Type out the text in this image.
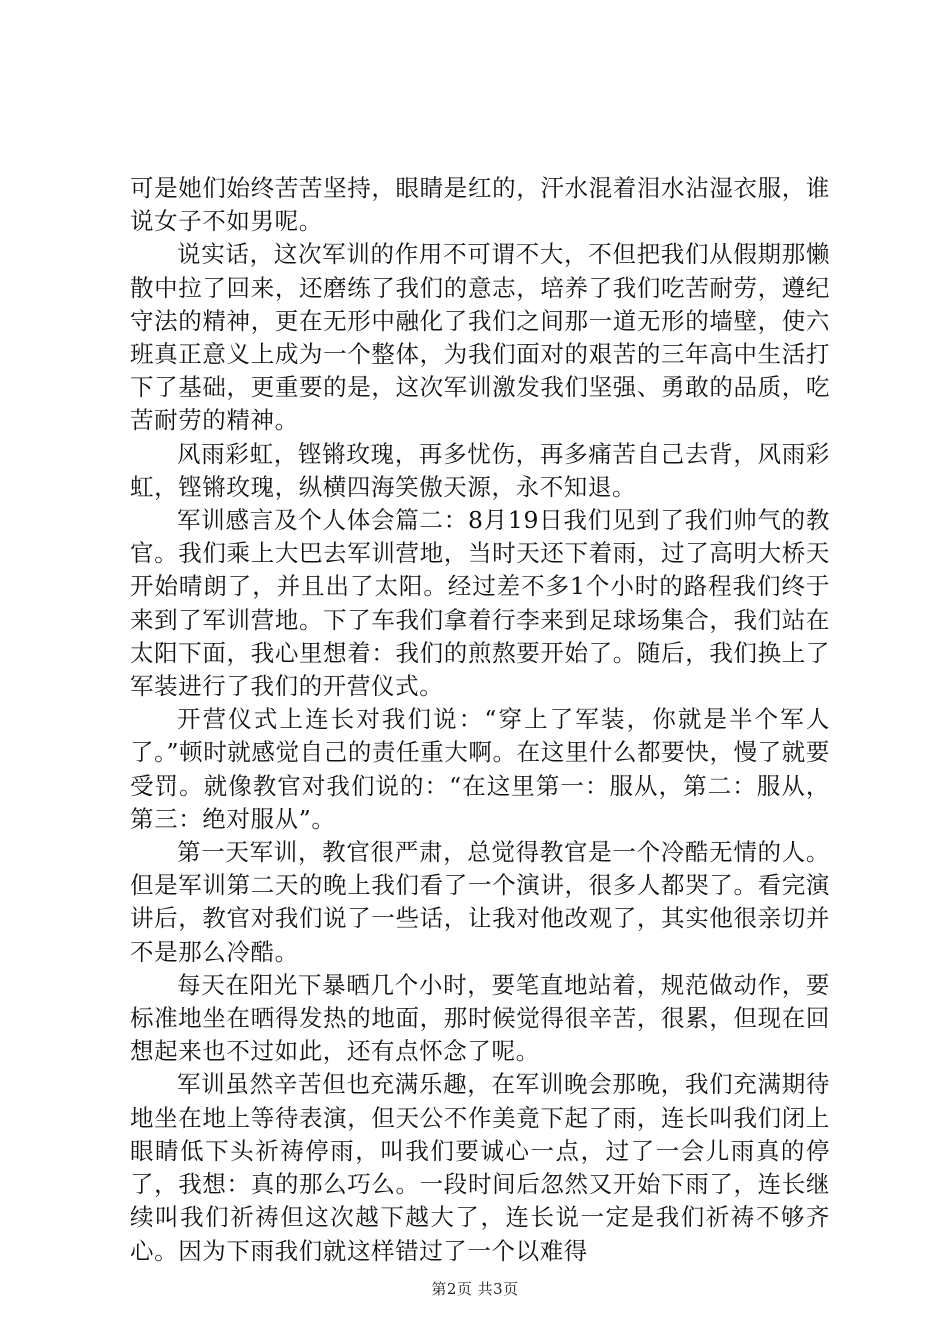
可是她们始终苦苦坚持，眼睛是红的，汗水混着泪水沾湿衣服，谁说女子不如男呢。

说实话，这次军训的作用不可谓不大，不但把我们从假期那懒散中拉了回来，还磨练了我们的意志，培养了我们吃苦耐劳，遵纪守法的精神，更在无形中融化了我们之间那一道无形的墙壁，使六班真正意义上成为一个整体，为我们面对的艰苦的三年高中生活打下了基础，更重要的是，这次军训激发我们坚强、勇敢的品质，吃苦耐劳的精神。

风雨彩虹，铿锵玫瑰，再多忧伤，再多痛苦自己去背，风雨彩虹，铿锵玫瑰，纵横四海笑傲天源，永不知退。

军训感言及个人体会篇二：8月19日我们见到了我们帅气的教官。我们乘上大巴去军训营地，当时天还下着雨，过了高明大桥天开始晴朗了，并且出了太阳。经过差不多1个小时的路程我们终于来到了军训营地。下了车我们拿着行李来到足球场集合，我们站在太阳下面，我心里想着：我们的煎熬要开始了。随后，我们换上了军装进行了我们的开营仪式。

开营仪式上连长对我们说：“穿上了军装，你就是半个军人了。”顿时就感觉自己的责任重大啊。在这里什么都要快，慢了就要受罚。就像教官对我们说的：“在这里第一：服从，第二：服从，第三：绝对服从”。

第一天军训，教官很严肃，总觉得教官是一个冷酷无情的人。但是军训第二天的晚上我们看了一个演讲，很多人都哭了。看完演讲后，教官对我们说了一些话，让我对他改观了，其实他很亲切并不是那么冷酷。

每天在阳光下暴晒几个小时，要笔直地站着，规范做动作，要标准地坐在晒得发热的地面，那时候觉得很辛苦，很累，但现在回想起来也不过如此，还有点怀念了呢。

军训虽然辛苦但也充满乐趣，在军训晚会那晚，我们充满期待地坐在地上等待表演，但天公不作美竟下起了雨，连长叫我们闭上眼睛低下头祈祷停雨，叫我们要诚心一点，过了一会儿雨真的停了，我想：真的那么巧么。一段时间后忽然又开始下雨了，连长继续叫我们祈祷但这次越下越大了，连长说一定是我们祈祷不够齐心。因为下雨我们就这样错过了一个以难得

第2页 共3页
